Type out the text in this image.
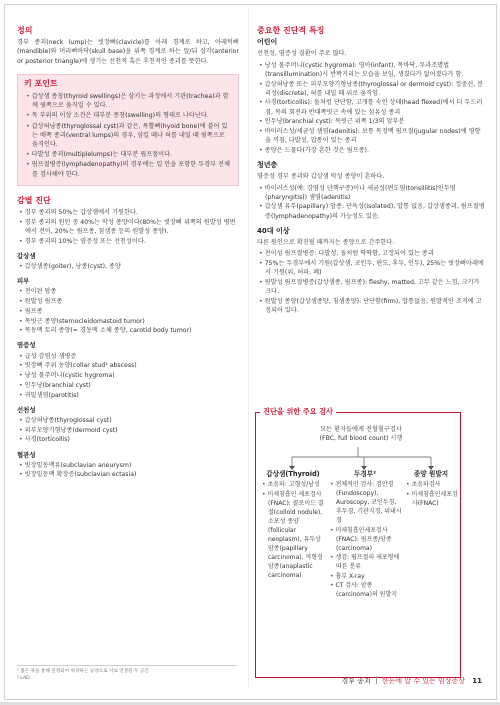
정의
경부 종괴(neck lump)는 빗장뼈(clavicle)를 아래 경계로 하고, 아래턱뼈(mandible)와 머리뼈바닥(skull base)을 위쪽 경계로 하는 앞/뒤 삼각(anterior or posterior triangle)에 생기는 선천적 혹은 후천적인 종괴를 뜻한다.
키 포인트
• 갑상샘 종창(thyroid swellings)은 삼키는 과정에서 기관(trachea)과 함께 윗쪽으로 움직일 수 있다.
• 목 부위의 이상 소견은 대부분 종창(swelling)의 형태로 나타난다.
• 갑상혀낭종(thyroglossal cyst)과 같은, 목뿔뼈(hyoid bone)에 붙어 있는 배쪽 종괴(ventral lumps)의 경우, 삼킬 때나 혀를 내밀 때 윗쪽으로 움직인다.
• 다발성 종괴(multiplelumps)는 대부분 림프절이다.
• 림프절병증(lymphadenopathy)의 경우에는 입 안을 포함한 두경부 전체를 검사해야 한다.
감별 진단
• 경부 종괴의 50%는 갑상샘에서 기원한다.
• 경부 종괴의 원인 중 40%는 악성 종양이다(80%는 빗장뼈 위쪽의 원발성 병변에서 전이, 20%는 림프종, 침샘종 등의 원발성 종양).
• 경부 종괴의 10%는 염증성 또는 선천성이다.
갑상샘
• 갑상샘종(goiter), 낭종(cyst), 종양
피부
• 전이된 암종
• 원발성 림프종
• 림프종
• 목빗근 종양(sternocleidomastoid tumor)
• 목동맥 토리 종양(= 경동맥 소체 종양, carotid body tumor)
염증성
• 급성 감염성 샘병증
• 빗장뼈 주위 농양(collar stud¹ abscess)
• 낭성 물주머니(cystic hygroma)
• 인두낭(branchial cyst)
• 귀밑샘염(parotitis)
선천성
• 갑상혀낭종(thyroglossal cyst)
• 피부모양기형낭종(dermoid cyst)
• 사경(torticollis)
혈관성
• 빗장밑동맥류(subclavian aneurysm)
• 빗장밑동맥 확장증(subclavian ectasia)
¹ 좁은 목을 통해 연결되어 위치하는 농양으로 서로 연결된 두 공간
² LAD
중요한 진단적 특징
어린이
선천성, 염증성 질환이 주로 많다.
• 낭성 물주머니(cystic hygroma): 영아(infant), 목바닥, 투과조명법(transillumination)시 반짝거리는 모습을 보임, 생겼다가 없어졌다가 함.
• 갑상혀낭종 또는 피부모양기형낭종(thyroglossal or dermoid cyst): 정중선, 분리성(discrete), 혀를 내밀 때 위로 움직임.
• 사경(torticollis): 돌처럼 단단함, 고개를 숙인 상태(head flexed)에서 더 두드러짐, 목의 회전과 반대쪽빗근 속에 있는 섬유성 종괴
• 인두낭(branchial cyst): 목빗근 위쪽 1/3의 앞부분
• 바이러스성/세균성 샘염(adenitis): 보통 목정맥 림프절(jugular nodes)에 영향을 끼침, 다발성, 압통이 있는 종괴
• 종양은 드물다(가장 흔한 것은 림프종).
청년층
염증성 경부 종괴와 갑상샘 악성 종양이 흔하다.
• 바이러스성(예: 감염성 단핵구증)이나 세균성(편도염(tonsillitis)인두염(pharyngitis)) 샘염(adenitis)
• 갑상샘 유두(papillary) 암종: 단독성(isolated), 압통 없음, 갑상샘종괴, 림프절병증(lymphadenopathy)의 가능성도 있음.
40대 이상
다른 원인으로 확진될 때까지는 종양으로 간주한다.
• 전이성 림프절병증: 다발성, 돌처럼 딱딱함, 고정되어 있는 종괴
• 75%는 두경부에서 기원(갑상샘, 코인두, 편도, 후두, 인두), 25%는 빗장뼈아래에서 기원(위, 허파, 폐)
• 원발성 림프절병증(갑상샘종, 림프종): fleshy, matted, 고무 같은 느낌, 크기가 크다.
• 원발성 종양(갑상샘종양, 침샘종양): 단단함(firm), 압통없음, 원발적인 조직에 고정되어 있다.
진단을 위한 주요 검사
모든 환자들에게 전혈혈구검사
(FBC, full blood count) 시행
갑상샘(Thyroid)
• 초음파: 고형성/낭성
• 미세침흡인 세포검사(FNAC): 콜로이드 결절(colloid nodule), 소포성 종양(follicular neoplasm), 유두상 암종(papillary carcinoma), 역형성 암종(anaplastic carcinoma)
두경부²
• 전체적인 검사: 검안경(Fundoscopy), Auroscopy, 코인두경, 후두경, 기관지경, 위내시경
• 미세침흡인세포검사(FNAC): 림프종/암종(carcinoma)
• 생검: 림프절의 세포형에 따른 분류
• 흉부 X-ray
• CT 검사: 암종(carcinoma)의 원발지
종양 원발지
• 초음파검사
• 미세침흡인세포검사(FNAC)
경부 종괴 한눈에 알 수 있는 임상증상 11
